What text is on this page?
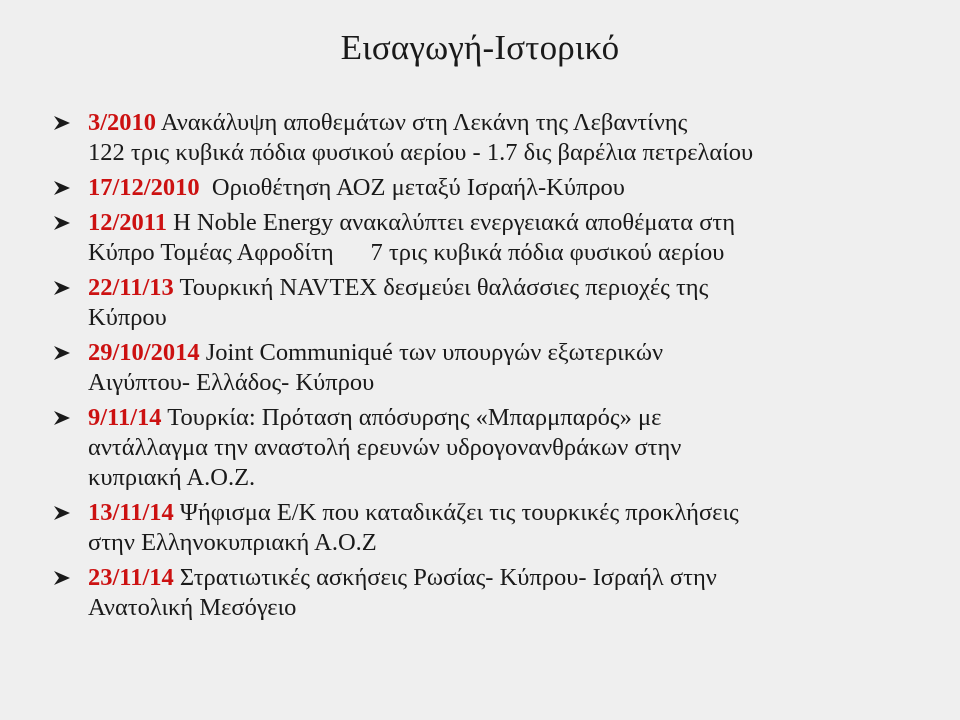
Εισαγωγή-Ιστορικό
3/2010 Ανακάλυψη αποθεμάτων στη Λεκάνη της Λεβαντίνης
122 τρις κυβικά πόδια φυσικού αερίου - 1.7 δις βαρέλια πετρελαίου
17/12/2010  Οριοθέτηση ΑΟΖ μεταξύ Ισραήλ-Κύπρου
12/2011 Η Noble Energy ανακαλύπτει ενεργειακά αποθέματα στη
Κύπρο Τομέας Αφροδίτη      7 τρις κυβικά πόδια φυσικού αερίου
22/11/13 Τουρκική NAVTEX δεσμεύει θαλάσσιες περιοχές της
Κύπρου
29/10/2014 Joint Communiqué των υπουργών εξωτερικών
Αιγύπτου- Ελλάδος- Κύπρου
9/11/14 Τουρκία: Πρόταση απόσυρσης «Μπαρμπαρός» με
αντάλλαγμα την αναστολή ερευνών υδρογονανθράκων στην
κυπριακή Α.Ο.Ζ.
13/11/14 Ψήφισμα Ε/Κ που καταδικάζει τις τουρκικές προκλήσεις
στην Ελληνοκυπριακή Α.Ο.Ζ
23/11/14 Στρατιωτικές ασκήσεις Ρωσίας- Κύπρου- Ισραήλ στην
Ανατολική Μεσόγειο
